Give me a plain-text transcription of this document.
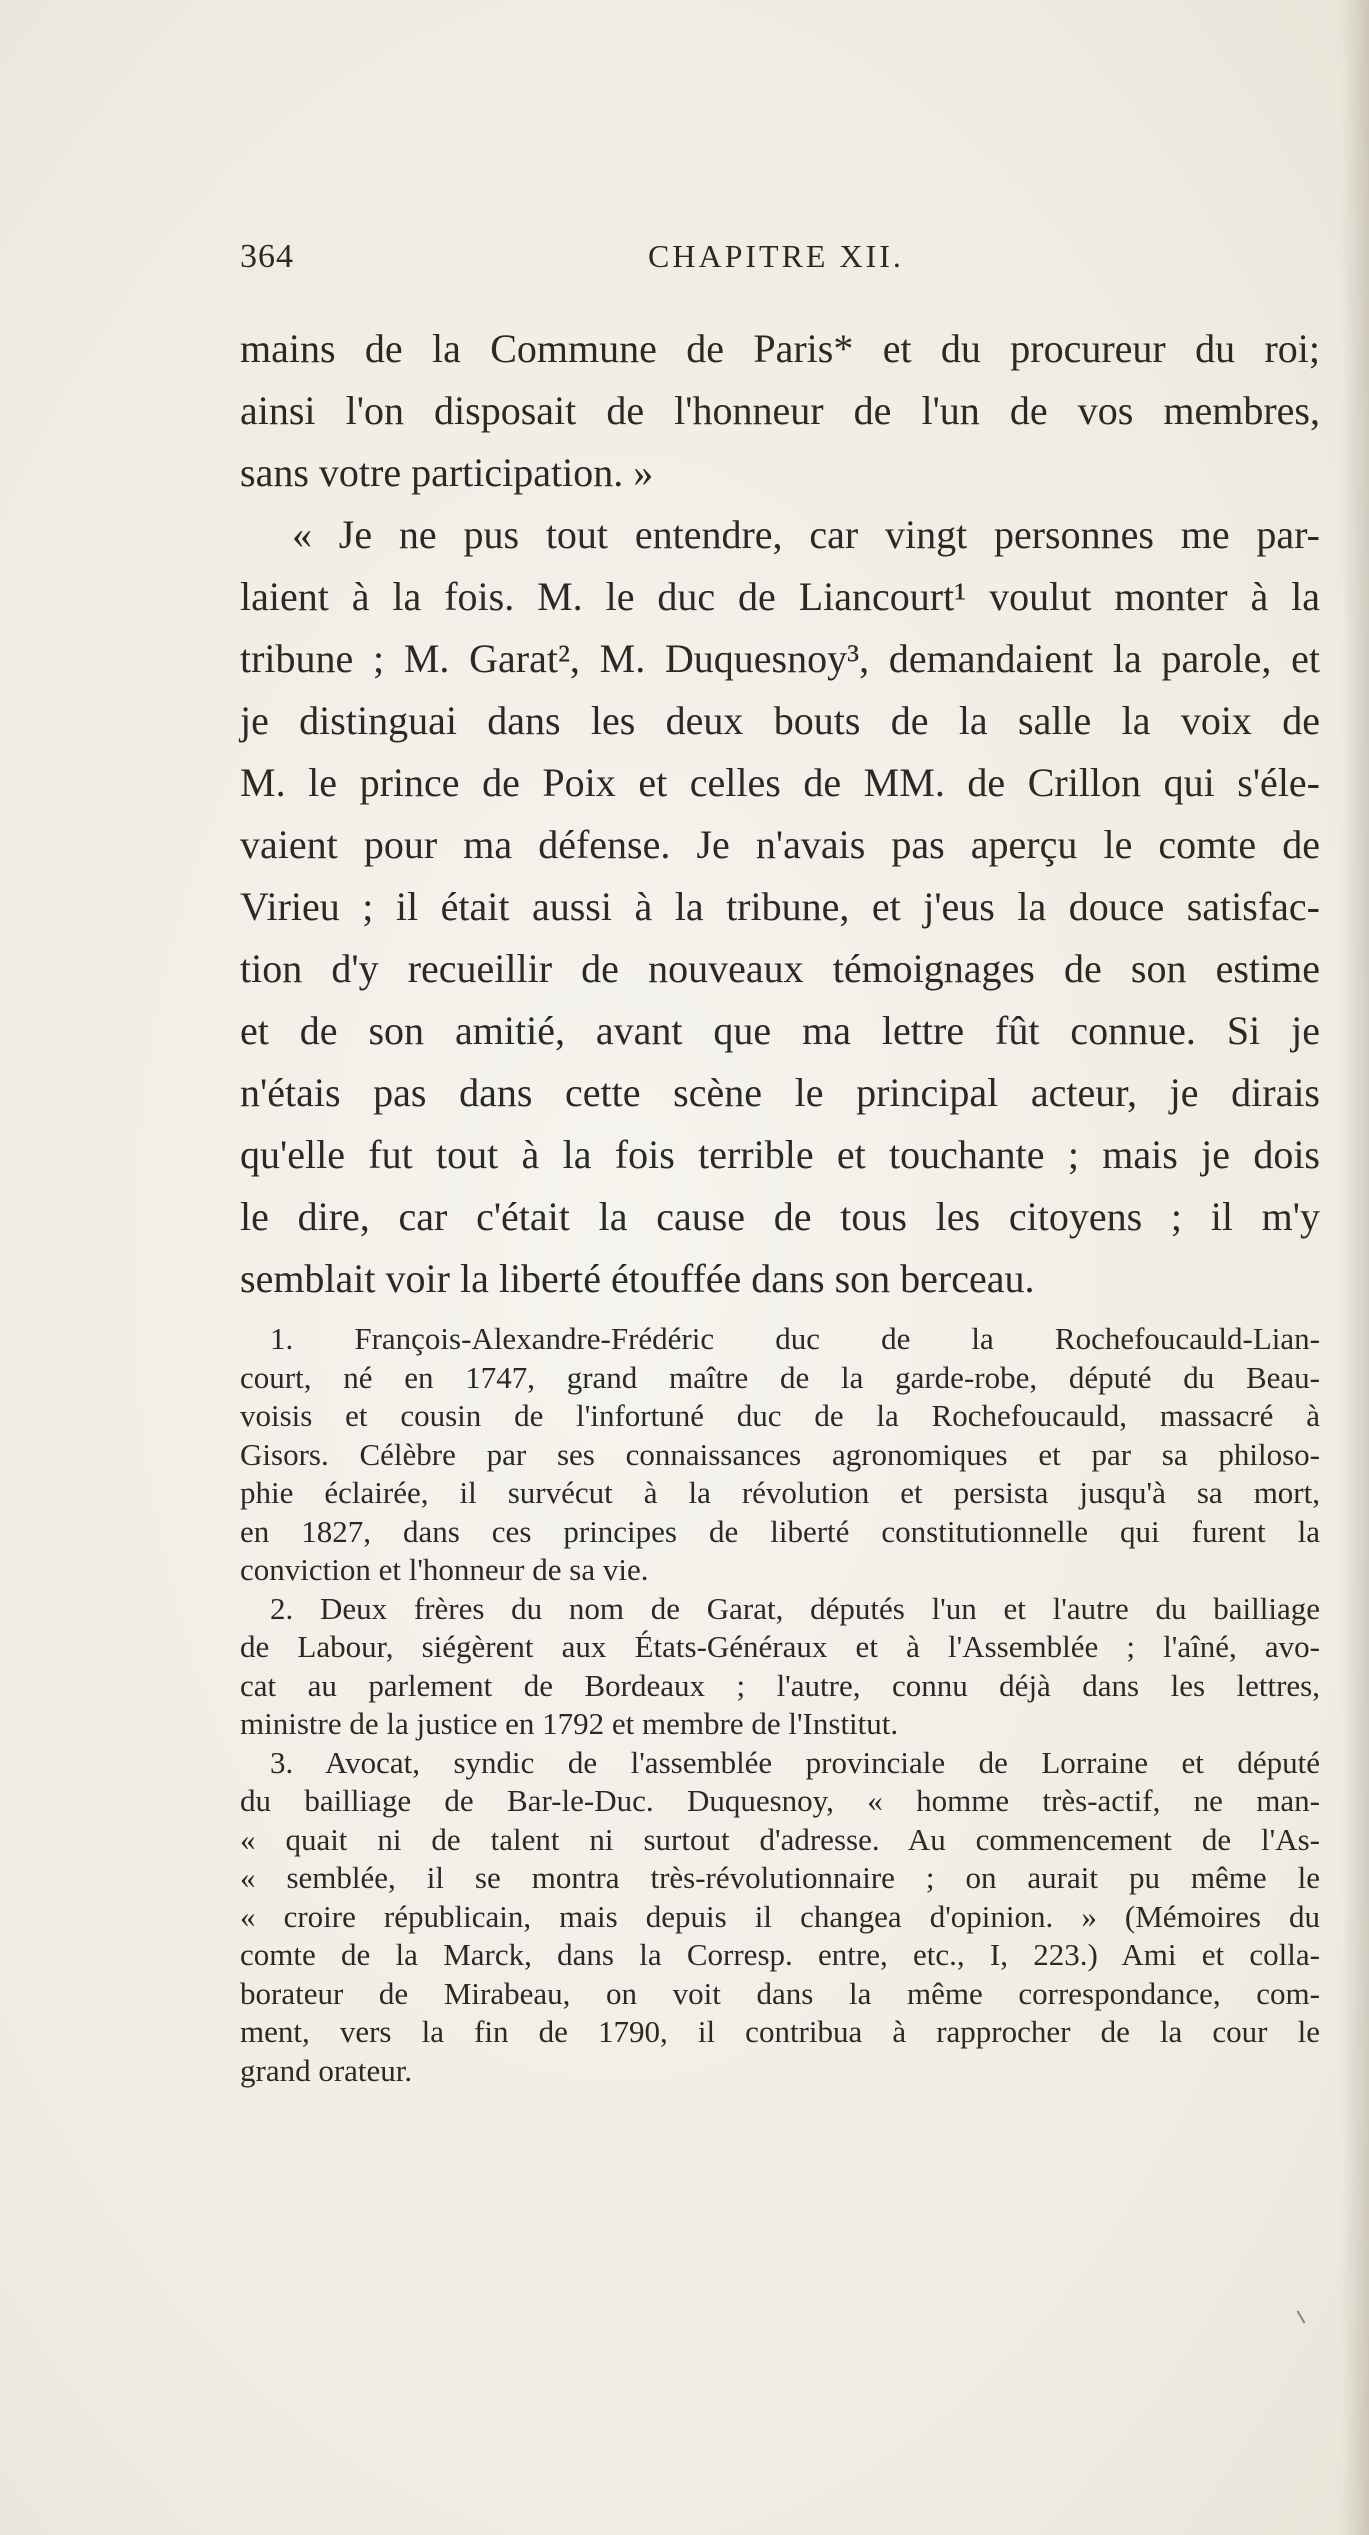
364	CHAPITRE XII.
mains de la Commune de Paris* et du procureur du roi;
ainsi l'on disposait de l'honneur de l'un de vos membres,
sans votre participation. »
« Je ne pus tout entendre, car vingt personnes me par-
laient à la fois. M. le duc de Liancourt¹ voulut monter à la
tribune ; M. Garat², M. Duquesnoy³, demandaient la parole, et
je distinguai dans les deux bouts de la salle la voix de
M. le prince de Poix et celles de MM. de Crillon qui s'éle-
vaient pour ma défense. Je n'avais pas aperçu le comte de
Virieu ; il était aussi à la tribune, et j'eus la douce satisfac-
tion d'y recueillir de nouveaux témoignages de son estime
et de son amitié, avant que ma lettre fût connue. Si je
n'étais pas dans cette scène le principal acteur, je dirais
qu'elle fut tout à la fois terrible et touchante ; mais je dois
le dire, car c'était la cause de tous les citoyens ; il m'y
semblait voir la liberté étouffée dans son berceau.
1. François-Alexandre-Frédéric duc de la Rochefoucauld-Lian-
court, né en 1747, grand maître de la garde-robe, député du Beau-
voisis et cousin de l'infortuné duc de la Rochefoucauld, massacré à
Gisors. Célèbre par ses connaissances agronomiques et par sa philoso-
phie éclairée, il survécut à la révolution et persista jusqu'à sa mort,
en 1827, dans ces principes de liberté constitutionnelle qui furent la
conviction et l'honneur de sa vie.
2. Deux frères du nom de Garat, députés l'un et l'autre du bailliage
de Labour, siégèrent aux États-Généraux et à l'Assemblée ; l'aîné, avo-
cat au parlement de Bordeaux ; l'autre, connu déjà dans les lettres,
ministre de la justice en 1792 et membre de l'Institut.
3. Avocat, syndic de l'assemblée provinciale de Lorraine et député
du bailliage de Bar-le-Duc. Duquesnoy, « homme très-actif, ne man-
« quait ni de talent ni surtout d'adresse. Au commencement de l'As-
« semblée, il se montra très-révolutionnaire ; on aurait pu même le
« croire républicain, mais depuis il changea d'opinion. » (Mémoires du
comte de la Marck, dans la Corresp. entre, etc., I, 223.) Ami et colla-
borateur de Mirabeau, on voit dans la même correspondance, com-
ment, vers la fin de 1790, il contribua à rapprocher de la cour le
grand orateur.
